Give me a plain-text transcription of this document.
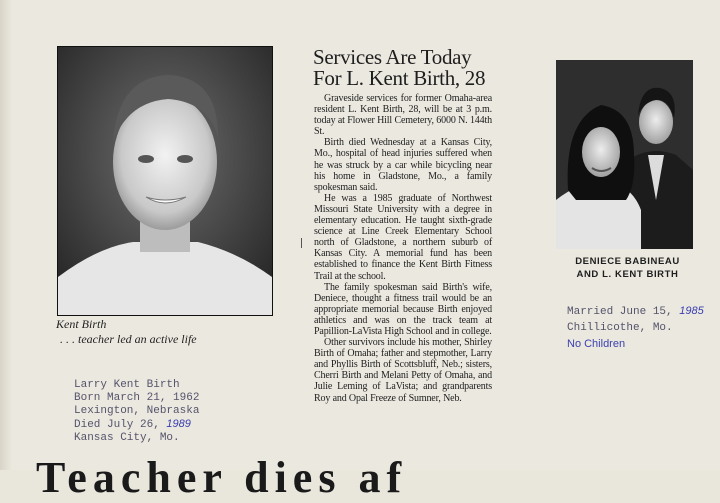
Kent Birth
. . . teacher led an active life
Services Are Today
For L. Kent Birth, 28

Graveside services for former Omaha-area resident L. Kent Birth, 28, will be at 3 p.m. today at Flower Hill Cemetery, 6000 N. 144th St.

Birth died Wednesday at a Kansas City, Mo., hospital of head injuries suffered when he was struck by a car while bicycling near his home in Gladstone, Mo., a family spokesman said.

He was a 1985 graduate of Northwest Missouri State University with a degree in elementary education. He taught sixth-grade science at Line Creek Elementary School north of Gladstone, a northern suburb of Kansas City. A memorial fund has been established to finance the Kent Birth Fitness Trail at the school.

The family spokesman said Birth's wife, Deniece, thought a fitness trail would be an appropriate memorial because Birth enjoyed athletics and was on the track team at Papillion-LaVista High School and in college.

Other survivors include his mother, Shirley Birth of Omaha; father and stepmother, Larry and Phyllis Birth of Scottsbluff, Neb.; sisters, Cherri Birth and Melani Petty of Omaha, and Julie Leming of LaVista; and grandparents Roy and Opal Freeze of Sumner, Neb.

DENIECE BABINEAU
AND L. KENT BIRTH
Married June 15, 1985
Chillicothe, Mo.
No Children
Larry Kent Birth
Born March 21, 1962
Lexington, Nebraska
Died July 26, 1989
Kansas City, Mo.
Teacher dies af
